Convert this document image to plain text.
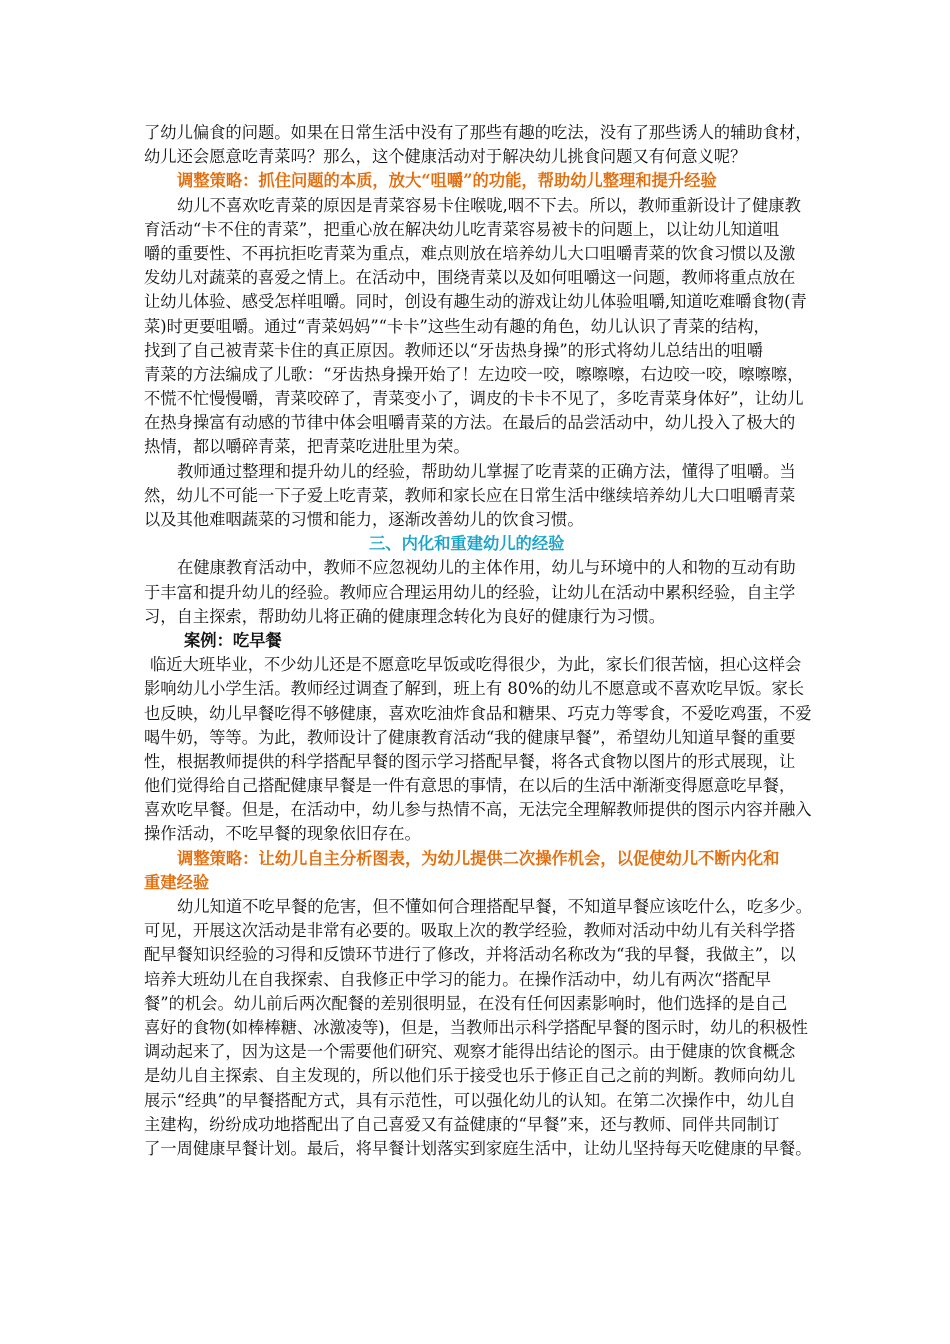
了幼儿偏食的问题。如果在日常生活中没有了那些有趣的吃法，没有了那些诱人的辅助食材，
幼儿还会愿意吃青菜吗？那么，这个健康活动对于解决幼儿挑食问题又有何意义呢？
调整策略：抓住问题的本质，放大“咀嚼”的功能，帮助幼儿整理和提升经验
幼儿不喜欢吃青菜的原因是青菜容易卡住喉咙,咽不下去。所以，教师重新设计了健康教
育活动“卡不住的青菜”，把重心放在解决幼儿吃青菜容易被卡的问题上，以让幼儿知道咀
嚼的重要性、不再抗拒吃青菜为重点，难点则放在培养幼儿大口咀嚼青菜的饮食习惯以及激
发幼儿对蔬菜的喜爱之情上。在活动中，围绕青菜以及如何咀嚼这一问题，教师将重点放在
让幼儿体验、感受怎样咀嚼。同时，创设有趣生动的游戏让幼儿体验咀嚼,知道吃难嚼食物(青
菜)时更要咀嚼。通过“青菜妈妈”“卡卡”这些生动有趣的角色，幼儿认识了青菜的结构，
找到了自己被青菜卡住的真正原因。教师还以“牙齿热身操”的形式将幼儿总结出的咀嚼
青菜的方法编成了儿歌：“牙齿热身操开始了！左边咬一咬，嚓嚓嚓，右边咬一咬，嚓嚓嚓，
不慌不忙慢慢嚼，青菜咬碎了，青菜变小了，调皮的卡卡不见了，多吃青菜身体好”，让幼儿
在热身操富有动感的节律中体会咀嚼青菜的方法。在最后的品尝活动中，幼儿投入了极大的
热情，都以嚼碎青菜，把青菜吃进肚里为荣。
教师通过整理和提升幼儿的经验，帮助幼儿掌握了吃青菜的正确方法，懂得了咀嚼。当
然，幼儿不可能一下子爱上吃青菜，教师和家长应在日常生活中继续培养幼儿大口咀嚼青菜
以及其他难咽蔬菜的习惯和能力，逐渐改善幼儿的饮食习惯。
三、内化和重建幼儿的经验
在健康教育活动中，教师不应忽视幼儿的主体作用，幼儿与环境中的人和物的互动有助
于丰富和提升幼儿的经验。教师应合理运用幼儿的经验，让幼儿在活动中累积经验，自主学
习，自主探索，帮助幼儿将正确的健康理念转化为良好的健康行为习惯。
案例：吃早餐
临近大班毕业，不少幼儿还是不愿意吃早饭或吃得很少，为此，家长们很苦恼，担心这样会
影响幼儿小学生活。教师经过调查了解到，班上有 80%的幼儿不愿意或不喜欢吃早饭。家长
也反映，幼儿早餐吃得不够健康，喜欢吃油炸食品和糖果、巧克力等零食，不爱吃鸡蛋，不爱
喝牛奶，等等。为此，教师设计了健康教育活动“我的健康早餐”，希望幼儿知道早餐的重要
性，根据教师提供的科学搭配早餐的图示学习搭配早餐，将各式食物以图片的形式展现，让
他们觉得给自己搭配健康早餐是一件有意思的事情，在以后的生活中渐渐变得愿意吃早餐，
喜欢吃早餐。但是，在活动中，幼儿参与热情不高，无法完全理解教师提供的图示内容并融入
操作活动，不吃早餐的现象依旧存在。
调整策略：让幼儿自主分析图表，为幼儿提供二次操作机会，以促使幼儿不断内化和
重建经验
幼儿知道不吃早餐的危害，但不懂如何合理搭配早餐，不知道早餐应该吃什么，吃多少。
可见，开展这次活动是非常有必要的。吸取上次的教学经验，教师对活动中幼儿有关科学搭
配早餐知识经验的习得和反馈环节进行了修改，并将活动名称改为“我的早餐，我做主”，以
培养大班幼儿在自我探索、自我修正中学习的能力。在操作活动中，幼儿有两次“搭配早
餐”的机会。幼儿前后两次配餐的差别很明显，在没有任何因素影响时，他们选择的是自己
喜好的食物(如棒棒糖、冰激凌等)，但是，当教师出示科学搭配早餐的图示时，幼儿的积极性
调动起来了，因为这是一个需要他们研究、观察才能得出结论的图示。由于健康的饮食概念
是幼儿自主探索、自主发现的，所以他们乐于接受也乐于修正自己之前的判断。教师向幼儿
展示“经典”的早餐搭配方式，具有示范性，可以强化幼儿的认知。在第二次操作中，幼儿自
主建构，纷纷成功地搭配出了自己喜爱又有益健康的“早餐”来，还与教师、同伴共同制订
了一周健康早餐计划。最后，将早餐计划落实到家庭生活中，让幼儿坚持每天吃健康的早餐。
